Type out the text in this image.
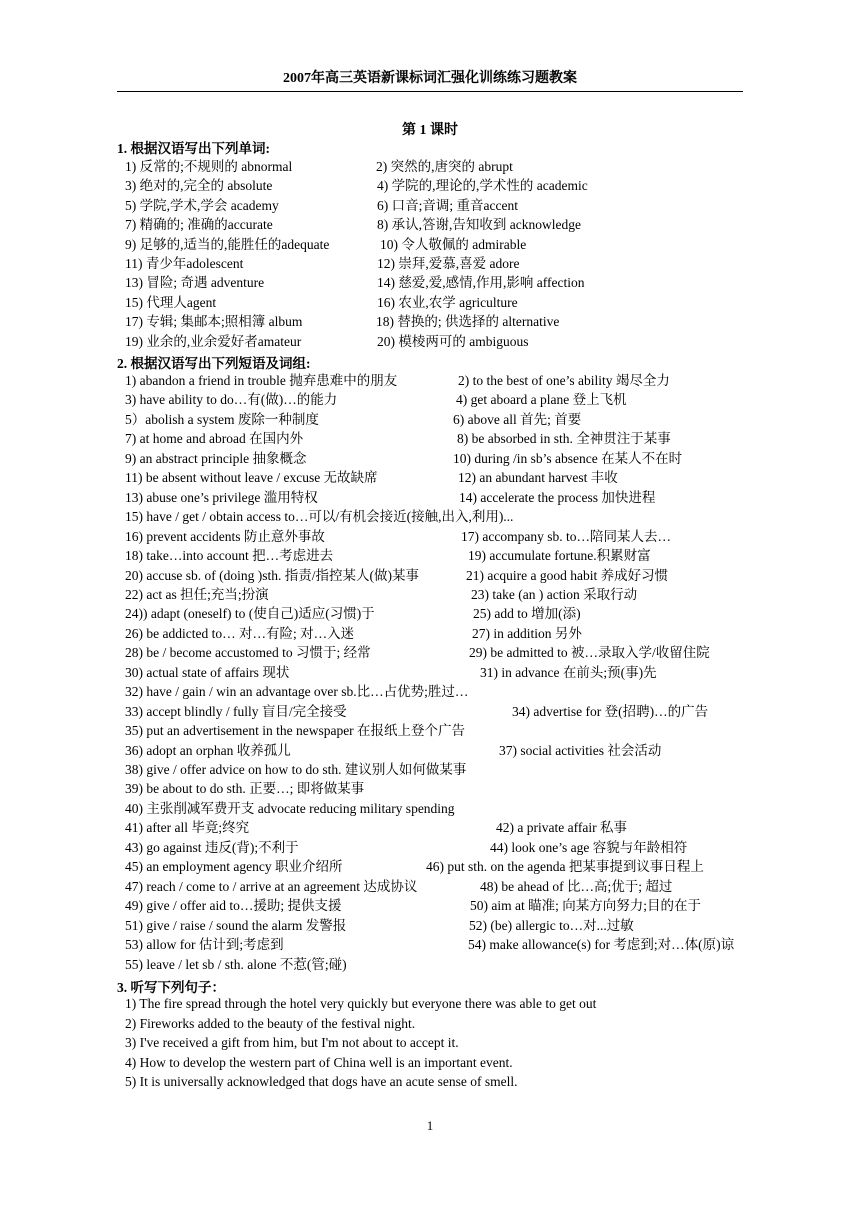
2007年高三英语新课标词汇强化训练练习题教案
第 1 课时
1. 根据汉语写出下列单词:
1) 反常的;不规则的 abnormal	2) 突然的,唐突的 abrupt
3) 绝对的,完全的 absolute	4) 学院的,理论的,学术性的 academic
5) 学院,学术,学会 academy	6) 口音;音调; 重音accent
7) 精确的; 准确的accurate	8) 承认,答谢,告知收到 acknowledge
9) 足够的,适当的,能胜任的adequate	10) 令人敬佩的 admirable
11) 青少年adolescent	12) 崇拜,爱慕,喜爱 adore
13) 冒险; 奇遇 adventure	14) 慈爱,爱,感情,作用,影响 affection
15) 代理人agent	16) 农业,农学 agriculture
17) 专辑; 集邮本;照相簿 album	18) 替换的; 供选择的 alternative
19) 业余的,业余爱好者amateur	20) 模棱两可的 ambiguous
2. 根据汉语写出下列短语及词组:
1) abandon a friend in trouble 抛弃患难中的朋友	2) to the best of one’s ability 竭尽全力
3) have ability to do…有(做)…的能力	4) get aboard a plane 登上飞机
5）abolish a system 废除一种制度	6) above all 首先; 首要
7) at home and abroad 在国内外	8) be absorbed in sth. 全神贯注于某事
9) an abstract principle 抽象概念	10) during /in sb’s absence 在某人不在时
11) be absent without leave / excuse 无故缺席	12) an abundant harvest 丰收
13) abuse one’s privilege 滥用特权	14) accelerate the process 加快进程
15) have / get / obtain access to…可以/有机会接近(接触,出入,利用)...
16) prevent accidents 防止意外事故	17) accompany sb. to…陪同某人去…
18) take…into account 把…考虑进去	19) accumulate fortune.积累财富
20) accuse sb. of (doing )sth. 指责/指控某人(做)某事	21) acquire a good habit 养成好习惯
22) act as 担任;充当;扮演	23) take (an ) action 采取行动
24)) adapt (oneself) to (使自己)适应(习惯)于	25) add to 增加(添)
26) be addicted to… 对…有险; 对…入迷	27) in addition 另外
28) be / become accustomed to 习惯于; 经常	29) be admitted to 被…录取入学/收留住院
30) actual state of affairs 现状	31) in advance 在前头;预(事)先
32) have / gain / win an advantage over sb.比…占优势;胜过…
33) accept blindly / fully 盲目/完全接受	34) advertise for 登(招聘)…的广告
35) put an advertisement in the newspaper 在报纸上登个广告
36) adopt an orphan 收养孤儿	37) social activities 社会活动
38) give / offer advice on how to do sth. 建议别人如何做某事
39) be about to do sth. 正要…; 即将做某事
40) 主张削减军费开支 advocate reducing military spending
41) after all 毕竟;终究	42) a private affair 私事
43) go against 违反(背);不利于	44) look one’s age 容貌与年龄相符
45) an employment agency 职业介绍所	46) put sth. on the agenda 把某事提到议事日程上
47) reach / come to / arrive at an agreement 达成协议	48) be ahead of 比…高;优于; 超过
49) give / offer aid to…援助; 提供支援	50) aim at 瞄准; 向某方向努力;目的在于
51) give / raise / sound the alarm 发警报	52) (be) allergic to…对...过敏
53) allow for 估计到;考虑到	54) make allowance(s) for 考虑到;对…体(原)谅
55) leave / let sb / sth. alone 不惹(管;碰)
3. 听写下列句子：
1) The fire spread through the hotel very quickly but everyone there was able to get out
2) Fireworks added to the beauty of the festival night.
3) I've received a gift from him, but I'm not about to accept it.
4) How to develop the western part of China well is an important event.
5) It is universally acknowledged that dogs have an acute sense of smell.
1
